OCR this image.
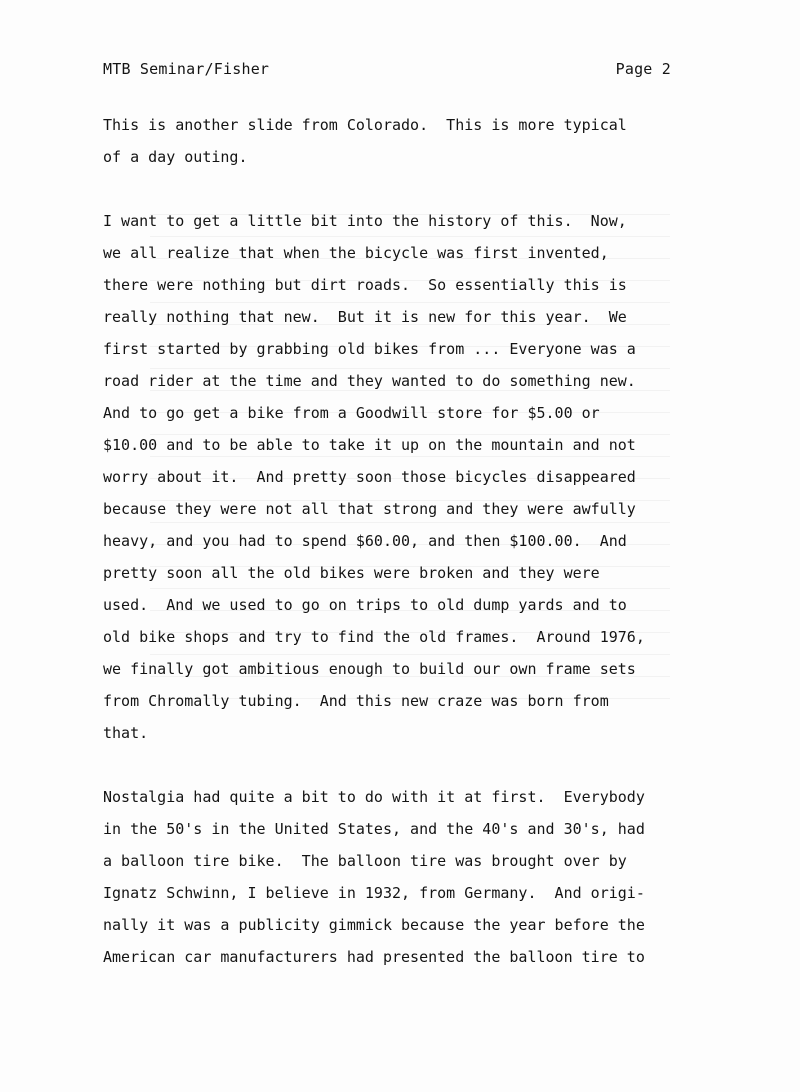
MTB Seminar/Fisher	Page 2
This is another slide from Colorado.  This is more typical
of a day outing.
I want to get a little bit into the history of this.  Now,
we all realize that when the bicycle was first invented,
there were nothing but dirt roads.  So essentially this is
really nothing that new.  But it is new for this year.  We
first started by grabbing old bikes from ... Everyone was a
road rider at the time and they wanted to do something new.
And to go get a bike from a Goodwill store for $5.00 or
$10.00 and to be able to take it up on the mountain and not
worry about it.  And pretty soon those bicycles disappeared
because they were not all that strong and they were awfully
heavy, and you had to spend $60.00, and then $100.00.  And
pretty soon all the old bikes were broken and they were
used.  And we used to go on trips to old dump yards and to
old bike shops and try to find the old frames.  Around 1976,
we finally got ambitious enough to build our own frame sets
from Chromally tubing.  And this new craze was born from
that.
Nostalgia had quite a bit to do with it at first.  Everybody
in the 50's in the United States, and the 40's and 30's, had
a balloon tire bike.  The balloon tire was brought over by
Ignatz Schwinn, I believe in 1932, from Germany.  And origi-
nally it was a publicity gimmick because the year before the
American car manufacturers had presented the balloon tire to
